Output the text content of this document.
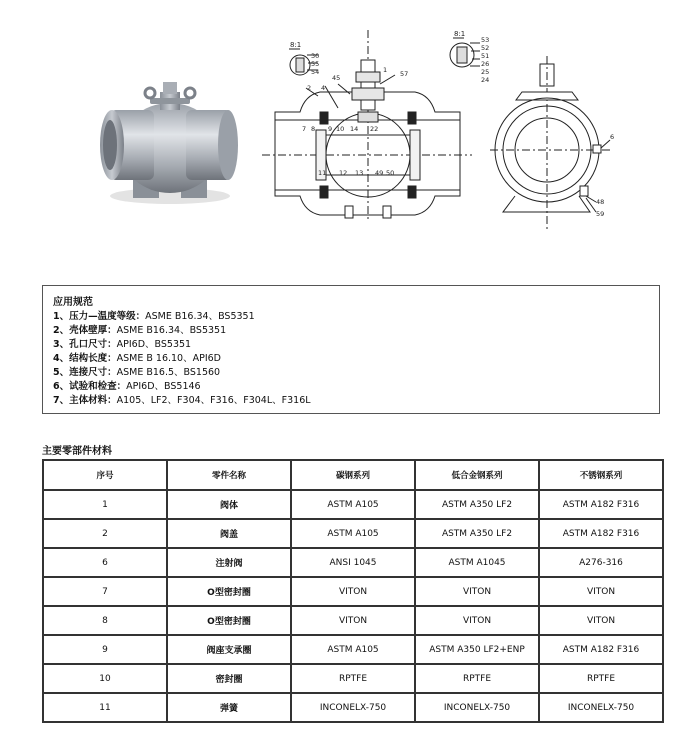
8:1
30
55
54
45
1 57
2 4
7 8 9 10 14 22
11 12 13 49 50
8:1
53
52
51
26
25
24
6
48
59
应用规范
1、压力—温度等级：ASME B16.34、BS5351
2、壳体壁厚：ASME B16.34、BS5351
3、孔口尺寸：API6D、BS5351
4、结构长度：ASME B 16.10、API6D
5、连接尺寸：ASME B16.5、BS1560
6、试验和检查：API6D、BS5146
7、主体材料：A105、LF2、F304、F316、F304L、F316L
主要零部件材料
序号	零件名称	碳钢系列	低合金钢系列	不锈钢系列
1	阀体	ASTM A105	ASTM A350 LF2	ASTM A182 F316
2	阀盖	ASTM A105	ASTM A350 LF2	ASTM A182 F316
6	注射阀	ANSI 1045	ASTM A1045	A276-316
7	O型密封圈	VITON	VITON	VITON
8	O型密封圈	VITON	VITON	VITON
9	阀座支承圈	ASTM A105	ASTM A350 LF2+ENP	ASTM A182 F316
10	密封圈	RPTFE	RPTFE	RPTFE
11	弹簧	INCONELX-750	INCONELX-750	INCONELX-750
